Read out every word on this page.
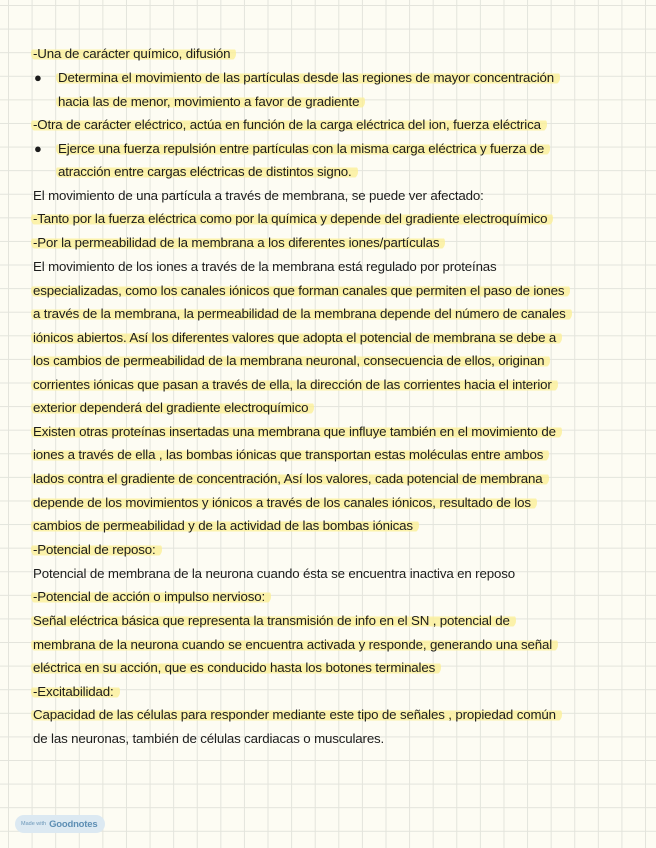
-Una de carácter químico, difusión
● Determina el movimiento de las partículas desde las regiones de mayor concentración
hacia las de menor, movimiento a favor de gradiente
-Otra de carácter eléctrico, actúa en función de la carga eléctrica del ion, fuerza eléctrica
● Ejerce una fuerza repulsión entre partículas con la misma carga eléctrica y fuerza de
atracción entre cargas eléctricas de distintos signo.
El movimiento de una partícula a través de membrana, se puede ver afectado:
-Tanto por la fuerza eléctrica como por la química y depende del gradiente electroquímico
-Por la permeabilidad de la membrana a los diferentes iones/partículas
El movimiento de los iones a través de la membrana está regulado por proteínas
especializadas, como los canales iónicos que forman canales que permiten el paso de iones
a través de la membrana, la permeabilidad de la membrana depende del número de canales
iónicos abiertos. Así los diferentes valores que adopta el potencial de membrana se debe a
los cambios de permeabilidad de la membrana neuronal, consecuencia de ellos, originan
corrientes iónicas que pasan a través de ella, la dirección de las corrientes hacia el interior
exterior dependerá del gradiente electroquímico
Existen otras proteínas insertadas una membrana que influye también en el movimiento de
iones a través de ella , las bombas iónicas que transportan estas moléculas entre ambos
lados contra el gradiente de concentración, Así los valores, cada potencial de membrana
depende de los movimientos y iónicos a través de los canales iónicos, resultado de los
cambios de permeabilidad y de la actividad de las bombas iónicas
-Potencial de reposo:
Potencial de membrana de la neurona cuando ésta se encuentra inactiva en reposo
-Potencial de acción o impulso nervioso:
Señal eléctrica básica que representa la transmisión de info en el SN , potencial de
membrana de la neurona cuando se encuentra activada y responde, generando una señal
eléctrica en su acción, que es conducido hasta los botones terminales
-Excitabilidad:
Capacidad de las células para responder mediante este tipo de señales , propiedad común
de las neuronas, también de células cardiacas o musculares.
Made with Goodnotes
